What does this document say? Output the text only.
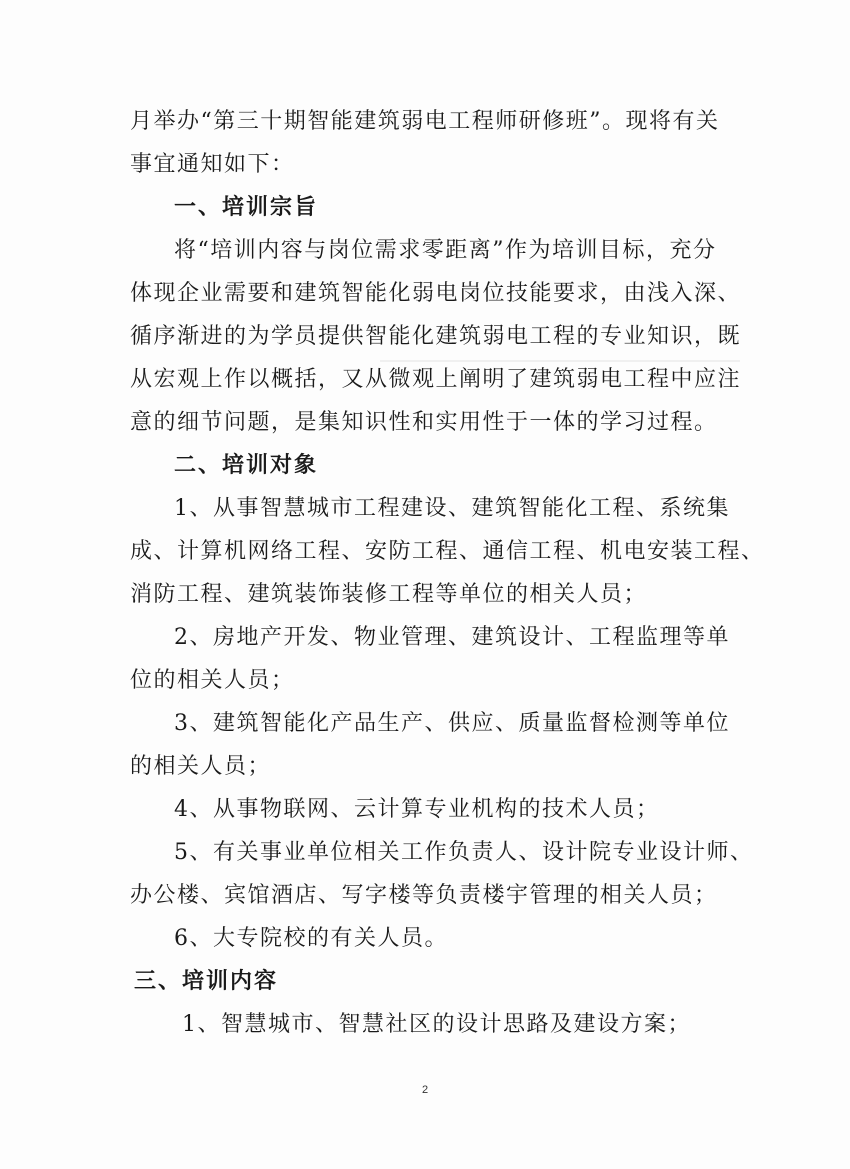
月举办“第三十期智能建筑弱电工程师研修班”。现将有关
事宜通知如下：
一、培训宗旨
将“培训内容与岗位需求零距离”作为培训目标，充分
体现企业需要和建筑智能化弱电岗位技能要求，由浅入深、
循序渐进的为学员提供智能化建筑弱电工程的专业知识，既
从宏观上作以概括，又从微观上阐明了建筑弱电工程中应注
意的细节问题，是集知识性和实用性于一体的学习过程。
二、培训对象
1、从事智慧城市工程建设、建筑智能化工程、系统集
成、计算机网络工程、安防工程、通信工程、机电安装工程、
消防工程、建筑装饰装修工程等单位的相关人员；
2、房地产开发、物业管理、建筑设计、工程监理等单
位的相关人员；
3、建筑智能化产品生产、供应、质量监督检测等单位
的相关人员；
4、从事物联网、云计算专业机构的技术人员；
5、有关事业单位相关工作负责人、设计院专业设计师、
办公楼、宾馆酒店、写字楼等负责楼宇管理的相关人员；
6、大专院校的有关人员。
三、培训内容
1、智慧城市、智慧社区的设计思路及建设方案；
2
